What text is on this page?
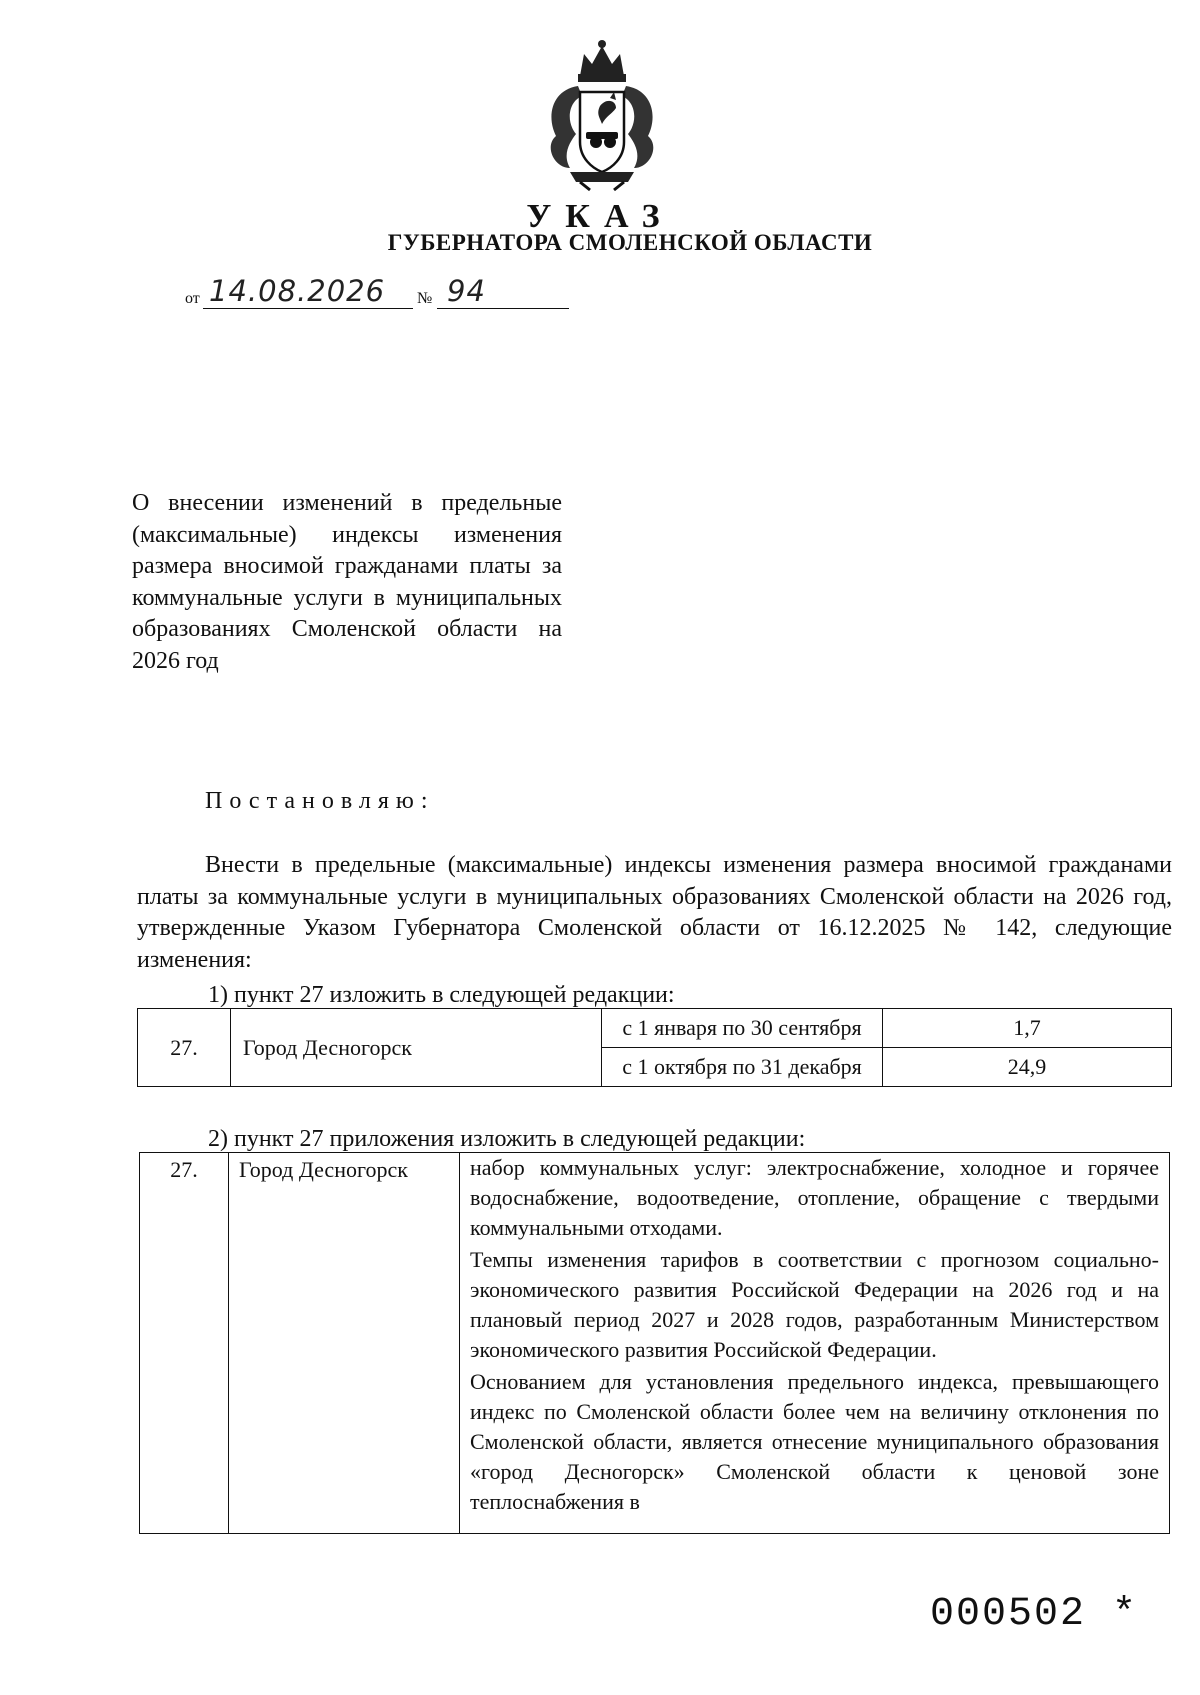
УКАЗ
ГУБЕРНАТОРА СМОЛЕНСКОЙ ОБЛАСТИ
от 14.08.2026 № 94
О внесении изменений в предельные (максимальные) индексы изменения размера вносимой гражданами платы за коммунальные услуги в муниципальных образованиях Смоленской области на 2026 год
Постановляю:
Внести в предельные (максимальные) индексы изменения размера вносимой гражданами платы за коммунальные услуги в муниципальных образованиях Смоленской области на 2026 год, утвержденные Указом Губернатора Смоленской области от 16.12.2025 № 142, следующие изменения:
1) пункт 27 изложить в следующей редакции:
27.	Город Десногорск	с 1 января по 30 сентября	1,7
		с 1 октября по 31 декабря	24,9
2) пункт 27 приложения изложить в следующей редакции:
27.	Город Десногорск	набор коммунальных услуг: электроснабжение, холодное и горячее водоснабжение, водоотведение, отопление, обращение с твердыми коммунальными отходами.

Темпы изменения тарифов в соответствии с прогнозом социально-экономического развития Российской Федерации на 2026 год и на плановый период 2027 и 2028 годов, разработанным Министерством экономического развития Российской Федерации.

Основанием для установления предельного индекса, превышающего индекс по Смоленской области более чем на величину отклонения по Смоленской области, является отнесение муниципального образования «город Десногорск» Смоленской области к ценовой зоне теплоснабжения в

000502 *
